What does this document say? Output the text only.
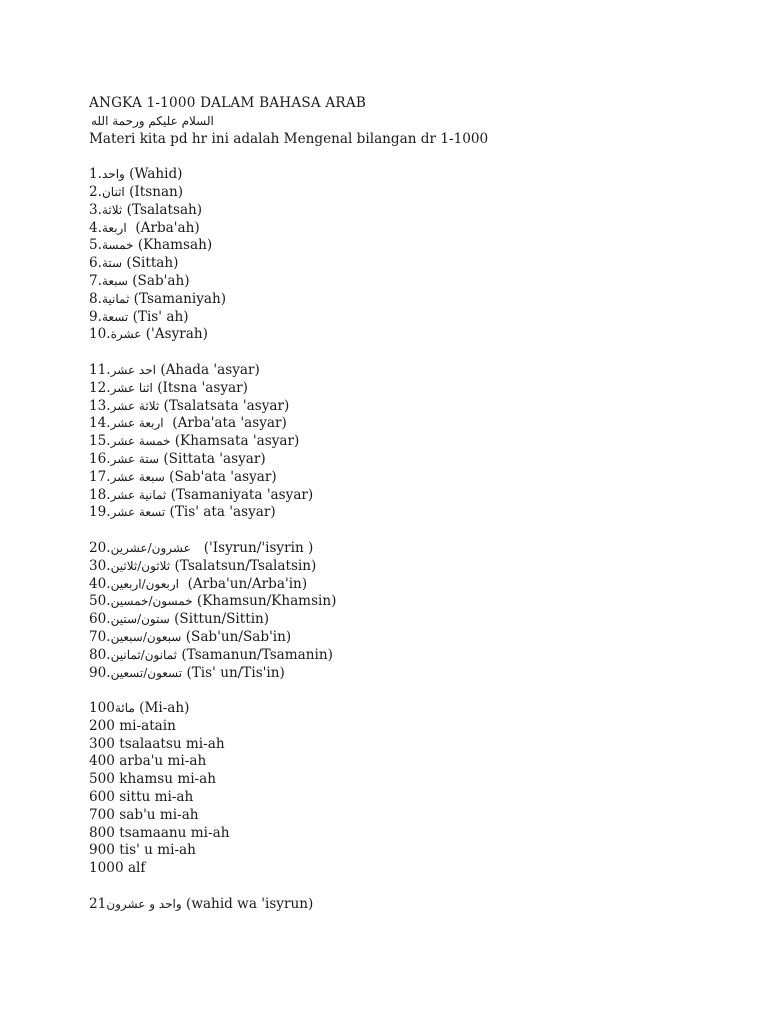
ANGKA 1-1000 DALAM BAHASA ARAB
السلام عليكم ورحمة الله
Materi kita pd hr ini adalah Mengenal bilangan dr 1-1000
1.واحد (Wahid)
2.اثنان (Itsnan)
3.ثلاثة (Tsalatsah)
4.اربعة  (Arba'ah)
5.خمسة (Khamsah)
6.ستة (Sittah)
7.سبعة (Sab'ah)
8.ثمانية (Tsamaniyah)
9.تسعة (Tis' ah)
10.عشرة ('Asyrah)
11.احد عشر (Ahada 'asyar)
12.اثنا عشر (Itsna 'asyar)
13.ثلاثة عشر (Tsalatsata 'asyar)
14.اربعة عشر  (Arba'ata 'asyar)
15.خمسة عشر (Khamsata 'asyar)
16.ستة عشر (Sittata 'asyar)
17.سبعة عشر (Sab'ata 'asyar)
18.ثمانية عشر (Tsamaniyata 'asyar)
19.تسعة عشر (Tis' ata 'asyar)
20.عشرون/عشرين   ('Isyrun/'isyrin )
30.ثلاثون/ثلاثين (Tsalatsun/Tsalatsin)
40.اربعون/اربعين  (Arba'un/Arba'in)
50.خمسون/خمسين (Khamsun/Khamsin)
60.ستون/ستين (Sittun/Sittin)
70.سبعون/سبعين (Sab'un/Sab'in)
80.ثمانون/ثمانين (Tsamanun/Tsamanin)
90.تسعون/تسعين (Tis' un/Tis'in)
100مائة (Mi-ah)
200 mi-atain
300 tsalaatsu mi-ah
400 arba'u mi-ah
500 khamsu mi-ah
600 sittu mi-ah
700 sab'u mi-ah
800 tsamaanu mi-ah
900 tis' u mi-ah
1000 alf
21واحد و عشرون (wahid wa 'isyrun)
